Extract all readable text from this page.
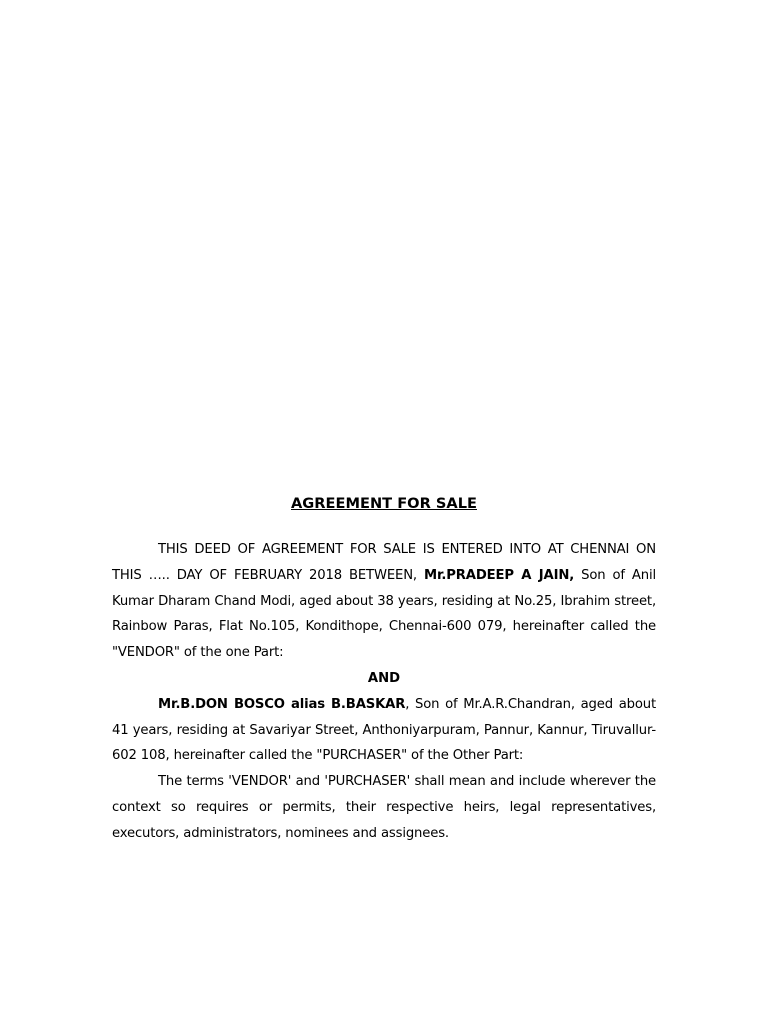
AGREEMENT FOR SALE

THIS DEED OF AGREEMENT FOR SALE IS ENTERED INTO AT CHENNAI ON THIS ….. DAY OF FEBRUARY 2018 BETWEEN, Mr.PRADEEP A JAIN, Son of Anil Kumar Dharam Chand Modi, aged about 38 years, residing at No.25, Ibrahim street, Rainbow Paras, Flat No.105, Kondithope, Chennai-600 079, hereinafter called the "VENDOR" of the one Part:

AND

Mr.B.DON BOSCO alias B.BASKAR, Son of Mr.A.R.Chandran, aged about 41 years, residing at Savariyar Street, Anthoniyarpuram, Pannur, Kannur, Tiruvallur-602 108, hereinafter called the "PURCHASER" of the Other Part:

The terms 'VENDOR' and 'PURCHASER' shall mean and include wherever the context so requires or permits, their respective heirs, legal representatives, executors, administrators, nominees and assignees.
